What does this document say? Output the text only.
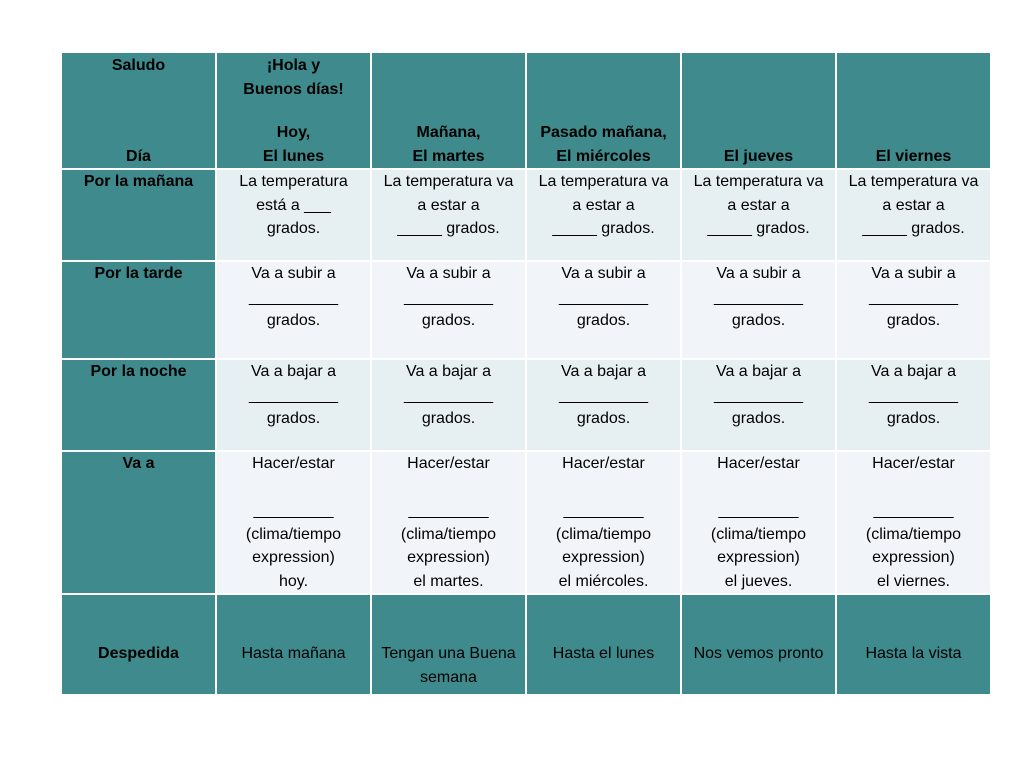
Saludo
Día	¡Hola y
Buenos días!
Hoy,
El lunes	Mañana,
El martes	Pasado mañana,
El miércoles	El jueves	El viernes

Por la mañana	La temperatura
está a ___
grados.	La temperatura va
a estar a
_____ grados.	La temperatura va
a estar a
_____ grados.	La temperatura va
a estar a
_____ grados.	La temperatura va
a estar a
_____ grados.

Por la tarde	Va a subir a
__________
grados.	Va a subir a
__________
grados.	Va a subir a
__________
grados.	Va a subir a
__________
grados.	Va a subir a
__________
grados.

Por la noche	Va a bajar a
__________
grados.	Va a bajar a
__________
grados.	Va a bajar a
__________
grados.	Va a bajar a
__________
grados.	Va a bajar a
__________
grados.

Va a	Hacer/estar
_________
(clima/tiempo
expression)
hoy.	Hacer/estar
_________
(clima/tiempo
expression)
el martes.	Hacer/estar
_________
(clima/tiempo
expression)
el miércoles.	Hacer/estar
_________
(clima/tiempo
expression)
el jueves.	Hacer/estar
_________
(clima/tiempo
expression)
el viernes.

Despedida	Hasta mañana	Tengan una Buena
semana	Hasta el lunes	Nos vemos pronto	Hasta la vista
